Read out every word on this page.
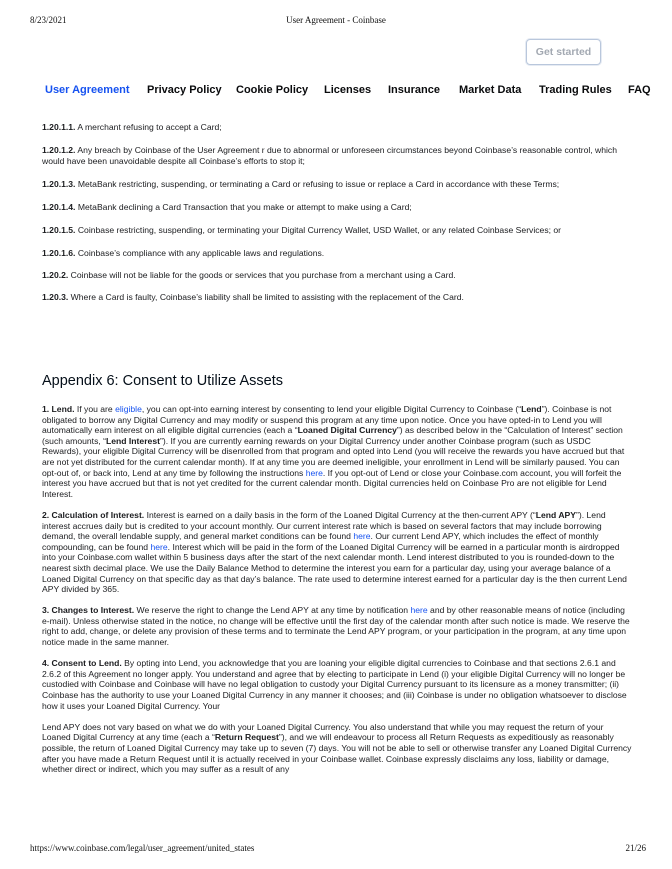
8/23/2021	User Agreement - Coinbase
Get started
User Agreement Privacy Policy Cookie Policy Licenses Insurance Market Data Trading Rules FAQ

1.20.1.1. A merchant refusing to accept a Card;

1.20.1.2. Any breach by Coinbase of the User Agreement r due to abnormal or unforeseen circumstances beyond Coinbase’s reasonable control, which would have been unavoidable despite all Coinbase’s efforts to stop it;

1.20.1.3. MetaBank restricting, suspending, or terminating a Card or refusing to issue or replace a Card in accordance with these Terms;

1.20.1.4. MetaBank declining a Card Transaction that you make or attempt to make using a Card;

1.20.1.5. Coinbase restricting, suspending, or terminating your Digital Currency Wallet, USD Wallet, or any related Coinbase Services; or

1.20.1.6. Coinbase’s compliance with any applicable laws and regulations.

1.20.2. Coinbase will not be liable for the goods or services that you purchase from a merchant using a Card.

1.20.3. Where a Card is faulty, Coinbase’s liability shall be limited to assisting with the replacement of the Card.

Appendix 6: Consent to Utilize Assets

1. Lend. If you are eligible, you can opt-into earning interest by consenting to lend your eligible Digital Currency to Coinbase (“Lend”). Coinbase is not obligated to borrow any Digital Currency and may modify or suspend this program at any time upon notice. Once you have opted-in to Lend you will automatically earn interest on all eligible digital currencies (each a “Loaned Digital Currency”) as described below in the “Calculation of Interest” section (such amounts, “Lend Interest”). If you are currently earning rewards on your Digital Currency under another Coinbase program (such as USDC Rewards), your eligible Digital Currency will be disenrolled from that program and opted into Lend (you will receive the rewards you have accrued but that are not yet distributed for the current calendar month). If at any time you are deemed ineligible, your enrollment in Lend will be similarly paused. You can opt-out of, or back into, Lend at any time by following the instructions here. If you opt-out of Lend or close your Coinbase.com account, you will forfeit the interest you have accrued but that is not yet credited for the current calendar month. Digital currencies held on Coinbase Pro are not eligible for Lend Interest.

2. Calculation of Interest. Interest is earned on a daily basis in the form of the Loaned Digital Currency at the then-current APY (“Lend APY”). Lend interest accrues daily but is credited to your account monthly. Our current interest rate which is based on several factors that may include borrowing demand, the overall lendable supply, and general market conditions can be found here. Our current Lend APY, which includes the effect of monthly compounding, can be found here. Interest which will be paid in the form of the Loaned Digital Currency will be earned in a particular month is airdropped into your Coinbase.com wallet within 5 business days after the start of the next calendar month. Lend interest distributed to you is rounded-down to the nearest sixth decimal place. We use the Daily Balance Method to determine the interest you earn for a particular day, using your average balance of a Loaned Digital Currency on that specific day as that day’s balance. The rate used to determine interest earned for a particular day is the then current Lend APY divided by 365.

3. Changes to Interest. We reserve the right to change the Lend APY at any time by notification here and by other reasonable means of notice (including e-mail). Unless otherwise stated in the notice, no change will be effective until the first day of the calendar month after such notice is made. We reserve the right to add, change, or delete any provision of these terms and to terminate the Lend APY program, or your participation in the program, at any time upon notice made in the same manner.

4. Consent to Lend. By opting into Lend, you acknowledge that you are loaning your eligible digital currencies to Coinbase and that sections 2.6.1 and 2.6.2 of this Agreement no longer apply. You understand and agree that by electing to participate in Lend (i) your eligible Digital Currency will no longer be custodied with Coinbase and Coinbase will have no legal obligation to custody your Digital Currency pursuant to its licensure as a money transmitter; (ii) Coinbase has the authority to use your Loaned Digital Currency in any manner it chooses; and (iii) Coinbase is under no obligation whatsoever to disclose how it uses your Loaned Digital Currency. Your

Lend APY does not vary based on what we do with your Loaned Digital Currency. You also understand that while you may request the return of your Loaned Digital Currency at any time (each a “Return Request”), and we will endeavour to process all Return Requests as expeditiously as reasonably possible, the return of Loaned Digital Currency may take up to seven (7) days. You will not be able to sell or otherwise transfer any Loaned Digital Currency after you have made a Return Request until it is actually received in your Coinbase wallet. Coinbase expressly disclaims any loss, liability or damage, whether direct or indirect, which you may suffer as a result of any

https://www.coinbase.com/legal/user_agreement/united_states	21/26
